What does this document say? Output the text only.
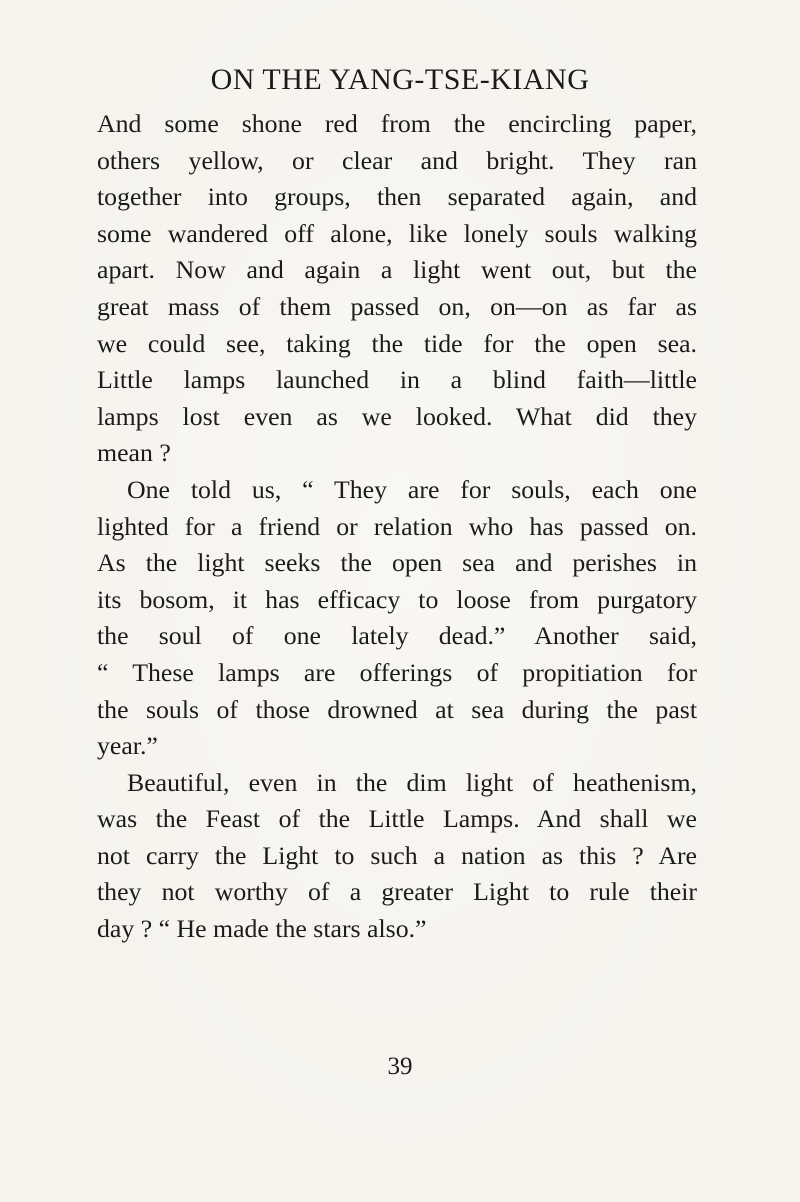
ON THE YANG-TSE-KIANG
And some shone red from the encircling paper,
others yellow, or clear and bright. They ran
together into groups, then separated again, and
some wandered off alone, like lonely souls walking
apart. Now and again a light went out, but the
great mass of them passed on, on—on as far as
we could see, taking the tide for the open sea.
Little lamps launched in a blind faith—little
lamps lost even as we looked. What did they
mean ?
One told us, “ They are for souls, each one
lighted for a friend or relation who has passed on.
As the light seeks the open sea and perishes in
its bosom, it has efficacy to loose from purgatory
the soul of one lately dead.” Another said,
“ These lamps are offerings of propitiation for
the souls of those drowned at sea during the past
year.”
Beautiful, even in the dim light of heathenism,
was the Feast of the Little Lamps. And shall we
not carry the Light to such a nation as this ? Are
they not worthy of a greater Light to rule their
day ? “ He made the stars also.”
39
